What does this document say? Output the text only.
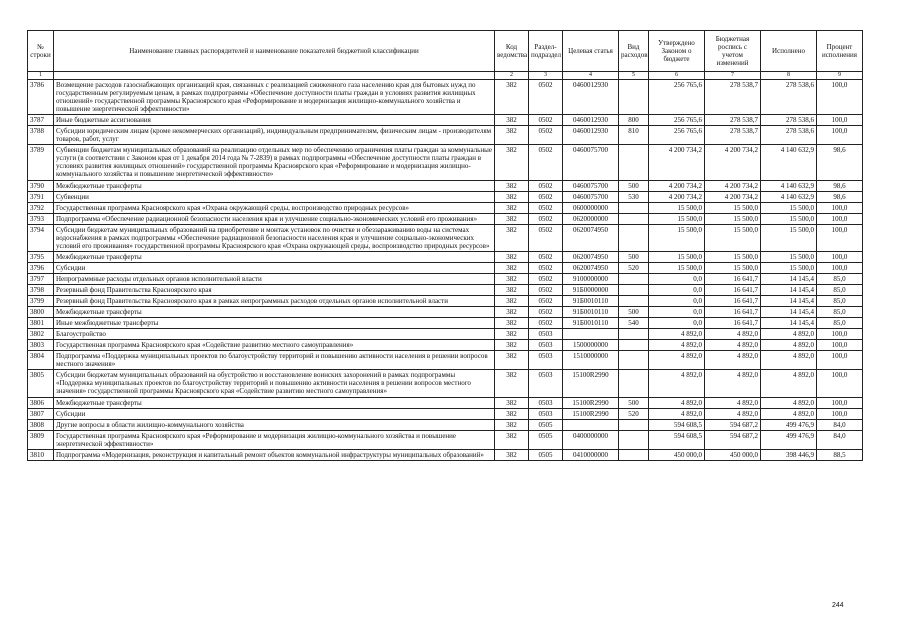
№ строки	Наименование главных распорядителей и наименование показателей бюджетной классификации	Код ведомства	Раздел-подраздел	Целевая статья	Вид расходов	Утверждено Законом о бюджете	Бюджетная роспись с учетом изменений	Исполнено	Процент исполнения
1		2	3	4	5	6	7	8	9
3786	Возмещение расходов газоснабжающих организаций края, связанных с реализацией сжиженного газа населению края для бытовых нужд по государственным регулируемым ценам, в рамках подпрограммы «Обеспечение доступности платы граждан в условиях развития жилищных отношений» государственной программы Красноярского края «Реформирование и модернизация жилищно-коммунального хозяйства и повышение энергетической эффективности»	382	0502	0460012930		256 765,6	278 538,7	278 538,6	100,0
3787	Иные бюджетные ассигнования	382	0502	0460012930	800	256 765,6	278 538,7	278 538,6	100,0
3788	Субсидии юридическим лицам (кроме некоммерческих организаций), индивидуальным предпринимателям, физическим лицам - производителям товаров, работ, услуг	382	0502	0460012930	810	256 765,6	278 538,7	278 538,6	100,0
3789	Субвенции бюджетам муниципальных образований на реализацию отдельных мер по обеспечению ограничения платы граждан за коммунальные услуги (в соответствии с Законом края от 1 декабря 2014 года № 7-2839) в рамках подпрограммы «Обеспечение доступности платы граждан в условиях развития жилищных отношений» государственной программы Красноярского края «Реформирование и модернизация жилищно-коммунального хозяйства и повышение энергетической эффективности»	382	0502	0460075700		4 200 734,2	4 200 734,2	4 140 632,9	98,6
3790	Межбюджетные трансферты	382	0502	0460075700	500	4 200 734,2	4 200 734,2	4 140 632,9	98,6
3791	Субвенции	382	0502	0460075700	530	4 200 734,2	4 200 734,2	4 140 632,9	98,6
3792	Государственная программа Красноярского края «Охрана окружающей среды, воспроизводство природных ресурсов»	382	0502	0600000000		15 500,0	15 500,0	15 500,0	100,0
3793	Подпрограмма «Обеспечение радиационной безопасности населения края и улучшение социально-экономических условий его проживания»	382	0502	0620000000		15 500,0	15 500,0	15 500,0	100,0
3794	Субсидии бюджетам муниципальных образований на приобретение и монтаж установок по очистке и обеззараживанию воды на системах водоснабжения в рамках подпрограммы «Обеспечение радиационной безопасности населения края и улучшение социально-экономических условий его проживания» государственной программы Красноярского края «Охрана окружающей среды, воспроизводство природных ресурсов»	382	0502	0620074950		15 500,0	15 500,0	15 500,0	100,0
3795	Межбюджетные трансферты	382	0502	0620074950	500	15 500,0	15 500,0	15 500,0	100,0
3796	Субсидии	382	0502	0620074950	520	15 500,0	15 500,0	15 500,0	100,0
3797	Непрограммные расходы отдельных органов исполнительной власти	382	0502	9100000000		0,0	16 641,7	14 145,4	85,0
3798	Резервный фонд Правительства Красноярского края	382	0502	91Б0000000		0,0	16 641,7	14 145,4	85,0
3799	Резервный фонд Правительства Красноярского края в рамках непрограммных расходов отдельных органов исполнительной власти	382	0502	91Б0010110		0,0	16 641,7	14 145,4	85,0
3800	Межбюджетные трансферты	382	0502	91Б0010110	500	0,0	16 641,7	14 145,4	85,0
3801	Иные межбюджетные трансферты	382	0502	91Б0010110	540	0,0	16 641,7	14 145,4	85,0
3802	Благоустройство	382	0503			4 892,0	4 892,0	4 892,0	100,0
3803	Государственная программа Красноярского края «Содействие развитию местного самоуправления»	382	0503	1500000000		4 892,0	4 892,0	4 892,0	100,0
3804	Подпрограмма «Поддержка муниципальных проектов по благоустройству территорий и повышению активности населения в решении вопросов местного значения»	382	0503	1510000000		4 892,0	4 892,0	4 892,0	100,0
3805	Субсидии бюджетам муниципальных образований на обустройство и восстановление воинских захоронений в рамках подпрограммы «Поддержка муниципальных проектов по благоустройству территорий и повышению активности населения в решении вопросов местного значения» государственной программы Красноярского края «Содействие развитию местного самоуправления»	382	0503	15100R2990		4 892,0	4 892,0	4 892,0	100,0
3806	Межбюджетные трансферты	382	0503	15100R2990	500	4 892,0	4 892,0	4 892,0	100,0
3807	Субсидии	382	0503	15100R2990	520	4 892,0	4 892,0	4 892,0	100,0
3808	Другие вопросы в области жилищно-коммунального хозяйства	382	0505			594 608,5	594 687,2	499 476,9	84,0
3809	Государственная программа Красноярского края «Реформирование и модернизация жилищно-коммунального хозяйства и повышение энергетической эффективности»	382	0505	0400000000		594 608,5	594 687,2	499 476,9	84,0
3810	Подпрограмма «Модернизация, реконструкция и капитальный ремонт объектов коммунальной инфраструктуры муниципальных образований»	382	0505	0410000000		450 000,0	450 000,0	398 446,9	88,5
244
